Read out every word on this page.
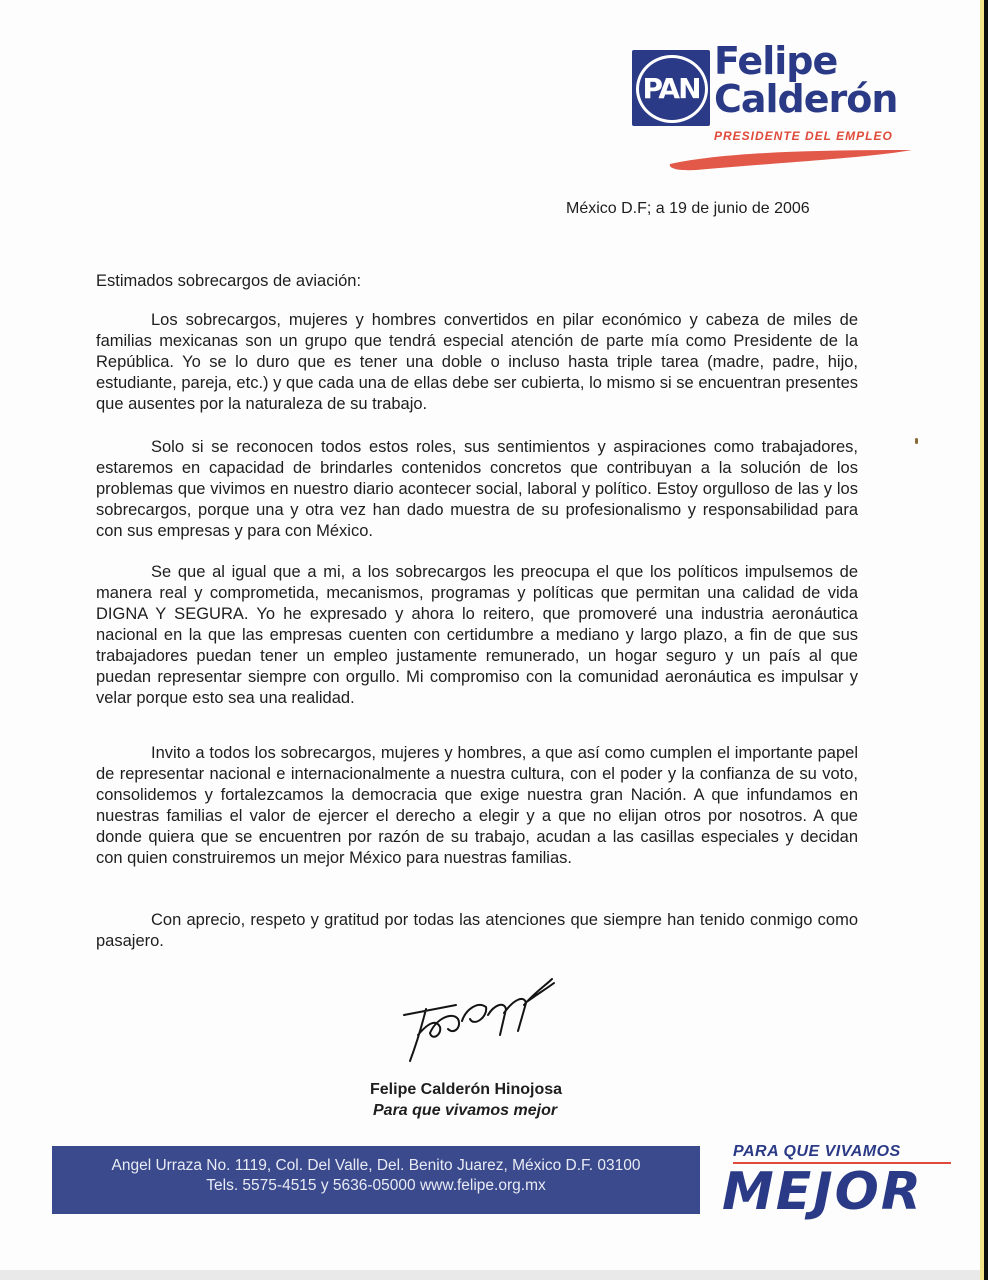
PAN
Felipe
Calderón
PRESIDENTE DEL EMPLEO
México D.F; a 19 de junio de 2006
Estimados sobrecargos de aviación:

Los sobrecargos, mujeres y hombres convertidos en pilar económico y cabeza de miles de familias mexicanas son un grupo que tendrá especial atención de parte mía como Presidente de la República. Yo se lo duro que es tener una doble o incluso hasta triple tarea (madre, padre, hijo, estudiante, pareja, etc.) y que cada una de ellas debe ser cubierta, lo mismo si se encuentran presentes que ausentes por la naturaleza de su trabajo.

Solo si se reconocen todos estos roles, sus sentimientos y aspiraciones como trabajadores, estaremos en capacidad de brindarles contenidos concretos que contribuyan a la solución de los problemas que vivimos en nuestro diario acontecer social, laboral y político. Estoy orgulloso de las y los sobrecargos, porque una y otra vez han dado muestra de su profesionalismo y responsabilidad para con sus empresas y para con México.

Se que al igual que a mi, a los sobrecargos les preocupa el que los políticos impulsemos de manera real y comprometida, mecanismos, programas y políticas que permitan una calidad de vida DIGNA Y SEGURA. Yo he expresado y ahora lo reitero, que promoveré una industria aeronáutica nacional en la que las empresas cuenten con certidumbre a mediano y largo plazo, a fin de que sus trabajadores puedan tener un empleo justamente remunerado, un hogar seguro y un país al que puedan representar siempre con orgullo. Mi compromiso con la comunidad aeronáutica es impulsar y velar porque esto sea una realidad.

Invito a todos los sobrecargos, mujeres y hombres, a que así como cumplen el importante papel de representar nacional e internacionalmente a nuestra cultura, con el poder y la confianza de su voto, consolidemos y fortalezcamos la democracia que exige nuestra gran Nación. A que infundamos en nuestras familias el valor de ejercer el derecho a elegir y a que no elijan otros por nosotros. A que donde quiera que se encuentren por razón de su trabajo, acudan a las casillas especiales y decidan con quien construiremos un mejor México para nuestras familias.

Con aprecio, respeto y gratitud por todas las atenciones que siempre han tenido conmigo como pasajero.

Felipe Calderón Hinojosa
Para que vivamos mejor
Angel Urraza No. 1119, Col. Del Valle, Del. Benito Juarez, México D.F. 03100
Tels. 5575-4515 y 5636-05000 www.felipe.org.mx
PARA QUE VIVAMOS
MEJOR
